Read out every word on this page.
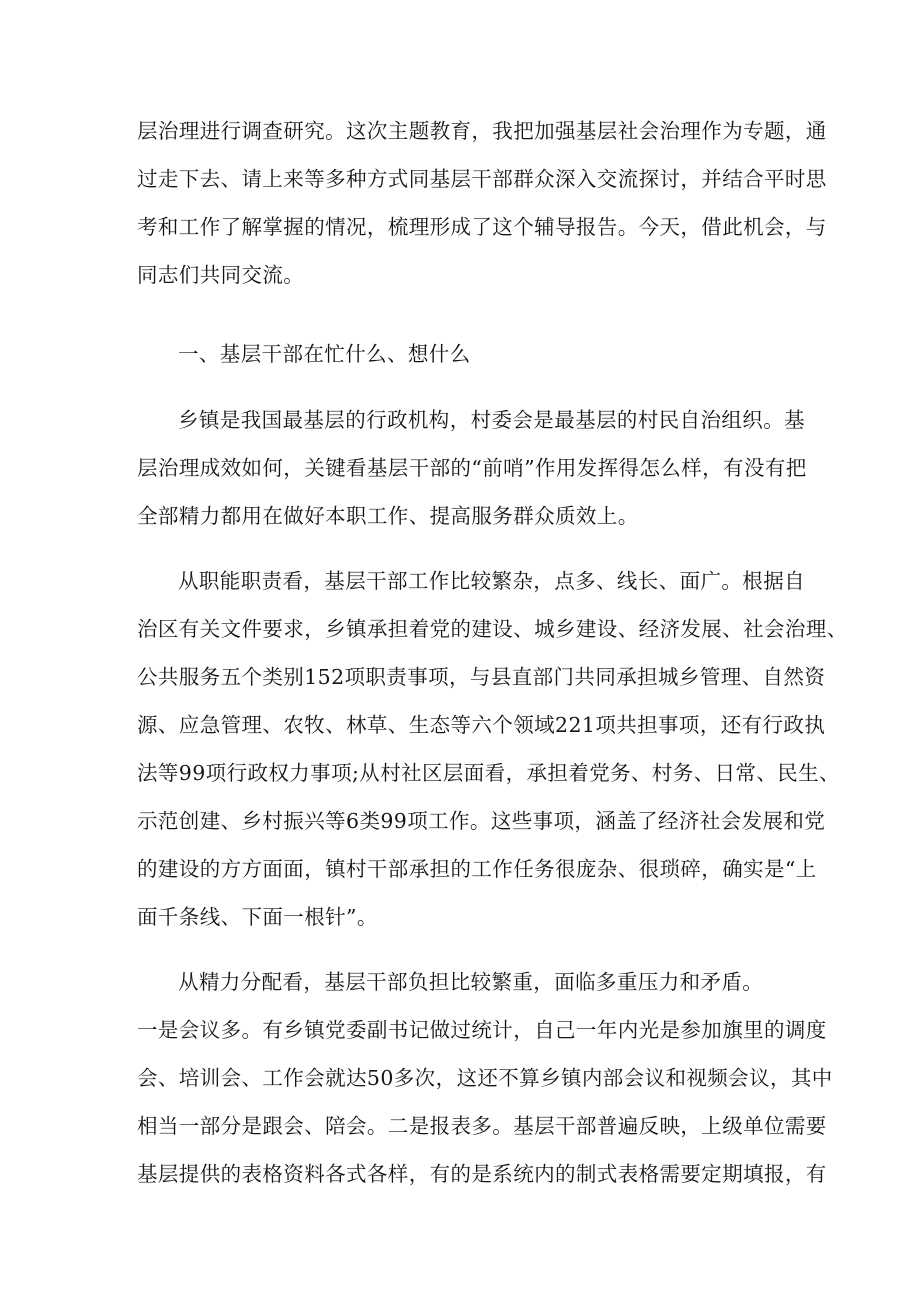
层治理进行调查研究。这次主题教育，我把加强基层社会治理作为专题，通
过走下去、请上来等多种方式同基层干部群众深入交流探讨，并结合平时思
考和工作了解掌握的情况，梳理形成了这个辅导报告。今天，借此机会，与
同志们共同交流。
一、基层干部在忙什么、想什么
乡镇是我国最基层的行政机构，村委会是最基层的村民自治组织。基
层治理成效如何，关键看基层干部的“前哨”作用发挥得怎么样，有没有把
全部精力都用在做好本职工作、提高服务群众质效上。
从职能职责看，基层干部工作比较繁杂，点多、线长、面广。根据自
治区有关文件要求，乡镇承担着党的建设、城乡建设、经济发展、社会治理、
公共服务五个类别152项职责事项，与县直部门共同承担城乡管理、自然资
源、应急管理、农牧、林草、生态等六个领域221项共担事项，还有行政执
法等99项行政权力事项;从村社区层面看，承担着党务、村务、日常、民生、
示范创建、乡村振兴等6类99项工作。这些事项，涵盖了经济社会发展和党
的建设的方方面面，镇村干部承担的工作任务很庞杂、很琐碎，确实是“上
面千条线、下面一根针”。
从精力分配看，基层干部负担比较繁重，面临多重压力和矛盾。
一是会议多。有乡镇党委副书记做过统计，自己一年内光是参加旗里的调度
会、培训会、工作会就达50多次，这还不算乡镇内部会议和视频会议，其中
相当一部分是跟会、陪会。二是报表多。基层干部普遍反映，上级单位需要
基层提供的表格资料各式各样，有的是系统内的制式表格需要定期填报，有
